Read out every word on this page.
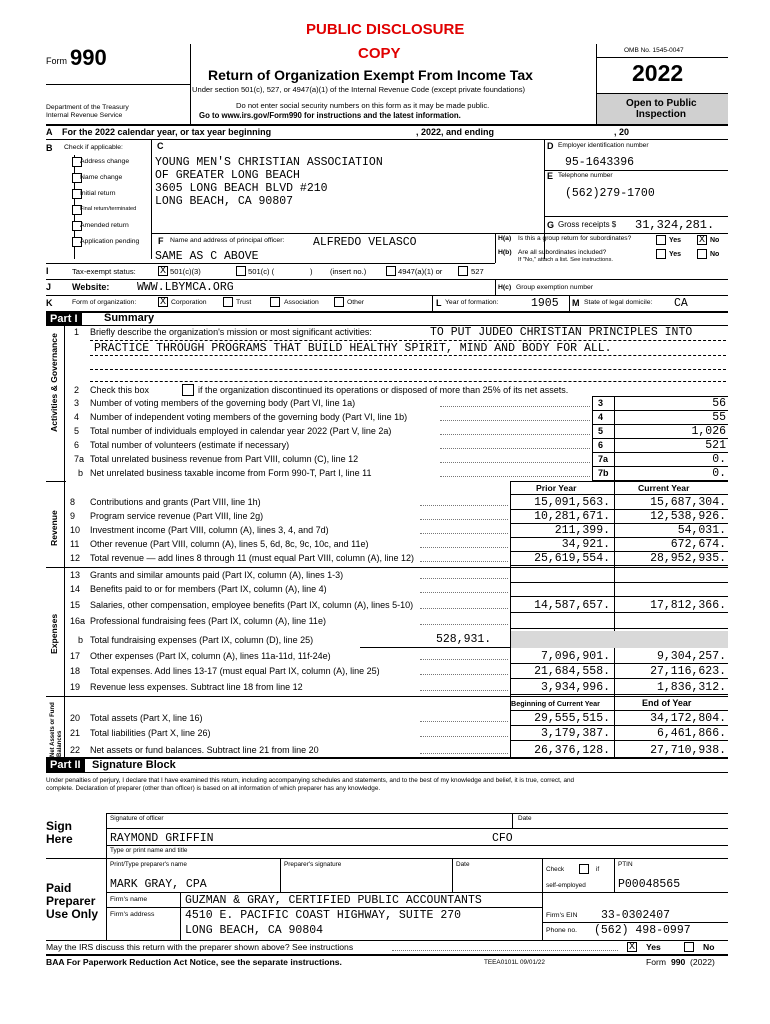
PUBLIC DISCLOSURE
COPY
Form 990
Return of Organization Exempt From Income Tax
Under section 501(c), 527, or 4947(a)(1) of the Internal Revenue Code (except private foundations)
Do not enter social security numbers on this form as it may be made public.
Go to www.irs.gov/Form990 for instructions and the latest information.
Department of the Treasury
Internal Revenue Service
OMB No. 1545-0047
2022
Open to Public
Inspection
A For the 2022 calendar year, or tax year beginning	, 2022, and ending	, 20
B Check if applicable:
Address change
Name change
Initial return
Final return/terminated
Amended return
Application pending
C
YOUNG MEN'S CHRISTIAN ASSOCIATION
OF GREATER LONG BEACH
3605 LONG BEACH BLVD #210
LONG BEACH, CA 90807
D Employer identification number
95-1643396
E Telephone number
(562)279-1700
G Gross receipts $ 31,324,281.
F Name and address of principal officer: ALFREDO VELASCO
SAME AS C ABOVE
H(a) Is this a group return for subordinates?	Yes X No
H(b) Are all subordinates included?
If "No," attach a list. See instructions.
Yes	No
I	Tax-exempt status: X 501(c)(3)	501(c) (	) (insert no.)	4947(a)(1) or	527
J Website: WWW.LBYMCA.ORG	H(c) Group exemption number
K	Form of organization: X Corporation	Trust	Association	Other	L Year of formation:	1905 M State of legal domicile: CA
Part I	Summary
Activities & Governance
Revenue
Expenses
Net Assets or Fund Balances
1 Briefly describe the organization's mission or most significant activities:	TO PUT JUDEO CHRISTIAN PRINCIPLES INTO
PRACTICE THROUGH PROGRAMS THAT BUILD HEALTHY SPIRIT, MIND AND BODY FOR ALL.
2 Check this box	if the organization discontinued its operations or disposed of more than 25% of its net assets.
3 Number of voting members of the governing body (Part VI, line 1a)	3	56
4 Number of independent voting members of the governing body (Part VI, line 1b)	4	55
5 Total number of individuals employed in calendar year 2022 (Part V, line 2a)	5	1,026
6 Total number of volunteers (estimate if necessary)	6	521
7a Total unrelated business revenue from Part VIII, column (C), line 12	7a	0.
b Net unrelated business taxable income from Form 990-T, Part I, line 11	7b	0.
Prior Year	Current Year
8 Contributions and grants (Part VIII, line 1h)	15,091,563.	15,687,304.
9 Program service revenue (Part VIII, line 2g)	10,281,671.	12,538,926.
10 Investment income (Part VIII, column (A), lines 3, 4, and 7d)	211,399.	54,031.
11 Other revenue (Part VIII, column (A), lines 5, 6d, 8c, 9c, 10c, and 11e)	34,921.	672,674.
12 Total revenue — add lines 8 through 11 (must equal Part VIII, column (A), line 12)	25,619,554.	28,952,935.
13 Grants and similar amounts paid (Part IX, column (A), lines 1-3)
14 Benefits paid to or for members (Part IX, column (A), line 4)
15 Salaries, other compensation, employee benefits (Part IX, column (A), lines 5-10)	14,587,657.	17,812,366.
16a Professional fundraising fees (Part IX, column (A), line 11e)
b Total fundraising expenses (Part IX, column (D), line 25)	528,931.
17 Other expenses (Part IX, column (A), lines 11a-11d, 11f-24e)	7,096,901.	9,304,257.
18 Total expenses. Add lines 13-17 (must equal Part IX, column (A), line 25)	21,684,558.	27,116,623.
19 Revenue less expenses. Subtract line 18 from line 12	3,934,996.	1,836,312.
Beginning of Current Year	End of Year
20 Total assets (Part X, line 16)	29,555,515.	34,172,804.
21 Total liabilities (Part X, line 26)	3,179,387.	6,461,866.
22 Net assets or fund balances. Subtract line 21 from line 20	26,376,128.	27,710,938.
Part II	Signature Block
Under penalties of perjury, I declare that I have examined this return, including accompanying schedules and statements, and to the best of my knowledge and belief, it is true, correct, and
complete. Declaration of preparer (other than officer) is based on all information of which preparer has any knowledge.
Sign
Here
Signature of officer	Date
RAYMOND GRIFFIN	CFO
Type or print name and title
Paid
Preparer
Use Only
Print/Type preparer's name	Preparer's signature	Date
Check	if
self-employed
PTIN
MARK GRAY, CPA	P00048565
Firm's name	GUZMAN & GRAY, CERTIFIED PUBLIC ACCOUNTANTS
Firm's EIN 33-0302407
Firm's address	4510 E. PACIFIC COAST HIGHWAY, SUITE 270
LONG BEACH, CA 90804	Phone no. (562) 498-0997
May the IRS discuss this return with the preparer shown above? See instructions	X Yes	No
BAA For Paperwork Reduction Act Notice, see the separate instructions.	TEEA0101L 09/01/22	Form 990 (2022)
